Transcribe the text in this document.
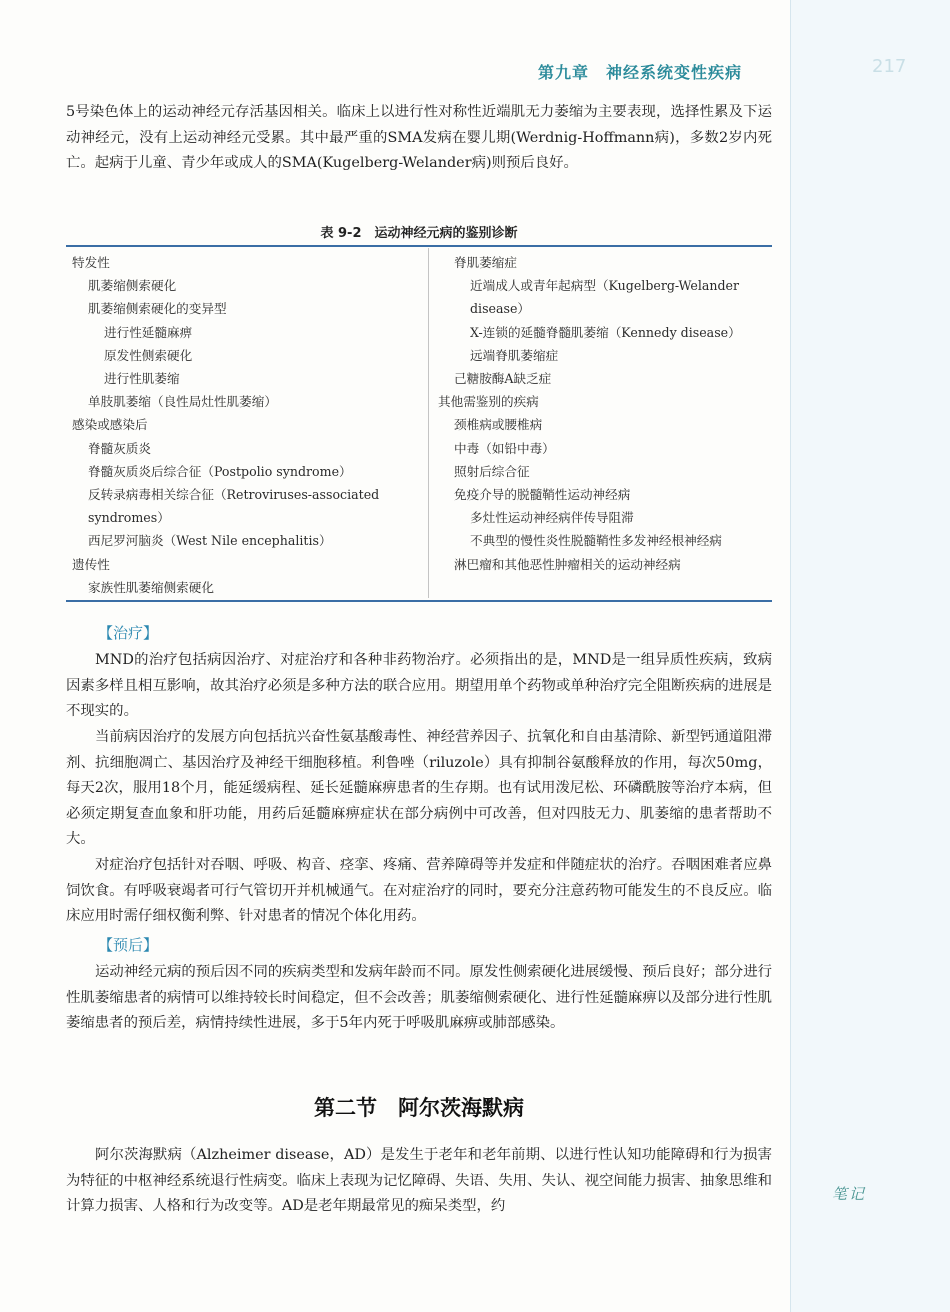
第九章　神经系统变性疾病	217

5号染色体上的运动神经元存活基因相关。临床上以进行性对称性近端肌无力萎缩为主要表现，选择性累及下运动神经元，没有上运动神经元受累。其中最严重的SMA发病在婴儿期(Werdnig-Hoffmann病)，多数2岁内死亡。起病于儿童、青少年或成人的SMA(Kugelberg-Welander病)则预后良好。

表 9-2　运动神经元病的鉴别诊断
特发性
肌萎缩侧索硬化
肌萎缩侧索硬化的变异型
进行性延髓麻痹
原发性侧索硬化
进行性肌萎缩
单肢肌萎缩（良性局灶性肌萎缩）
感染或感染后
脊髓灰质炎
脊髓灰质炎后综合征（Postpolio syndrome）
反转录病毒相关综合征（Retroviruses-associated syndromes）
西尼罗河脑炎（West Nile encephalitis）
遗传性
家族性肌萎缩侧索硬化
脊肌萎缩症
近端成人或青年起病型（Kugelberg-Welander disease）
X-连锁的延髓脊髓肌萎缩（Kennedy disease）
远端脊肌萎缩症
己糖胺酶A缺乏症
其他需鉴别的疾病
颈椎病或腰椎病
中毒（如铅中毒）
照射后综合征
免疫介导的脱髓鞘性运动神经病
多灶性运动神经病伴传导阻滞
不典型的慢性炎性脱髓鞘性多发神经根神经病
淋巴瘤和其他恶性肿瘤相关的运动神经病
【治疗】

MND的治疗包括病因治疗、对症治疗和各种非药物治疗。必须指出的是，MND是一组异质性疾病，致病因素多样且相互影响，故其治疗必须是多种方法的联合应用。期望用单个药物或单种治疗完全阻断疾病的进展是不现实的。

当前病因治疗的发展方向包括抗兴奋性氨基酸毒性、神经营养因子、抗氧化和自由基清除、新型钙通道阻滞剂、抗细胞凋亡、基因治疗及神经干细胞移植。利鲁唑（riluzole）具有抑制谷氨酸释放的作用，每次50mg，每天2次，服用18个月，能延缓病程、延长延髓麻痹患者的生存期。也有试用泼尼松、环磷酰胺等治疗本病，但必须定期复查血象和肝功能，用药后延髓麻痹症状在部分病例中可改善，但对四肢无力、肌萎缩的患者帮助不大。

对症治疗包括针对吞咽、呼吸、构音、痉挛、疼痛、营养障碍等并发症和伴随症状的治疗。吞咽困难者应鼻饲饮食。有呼吸衰竭者可行气管切开并机械通气。在对症治疗的同时，要充分注意药物可能发生的不良反应。临床应用时需仔细权衡利弊、针对患者的情况个体化用药。

【预后】

运动神经元病的预后因不同的疾病类型和发病年龄而不同。原发性侧索硬化进展缓慢、预后良好；部分进行性肌萎缩患者的病情可以维持较长时间稳定，但不会改善；肌萎缩侧索硬化、进行性延髓麻痹以及部分进行性肌萎缩患者的预后差，病情持续性进展，多于5年内死于呼吸肌麻痹或肺部感染。

第二节　阿尔茨海默病

阿尔茨海默病（Alzheimer disease，AD）是发生于老年和老年前期、以进行性认知功能障碍和行为损害为特征的中枢神经系统退行性病变。临床上表现为记忆障碍、失语、失用、失认、视空间能力损害、抽象思维和计算力损害、人格和行为改变等。AD是老年期最常见的痴呆类型，约

笔记
